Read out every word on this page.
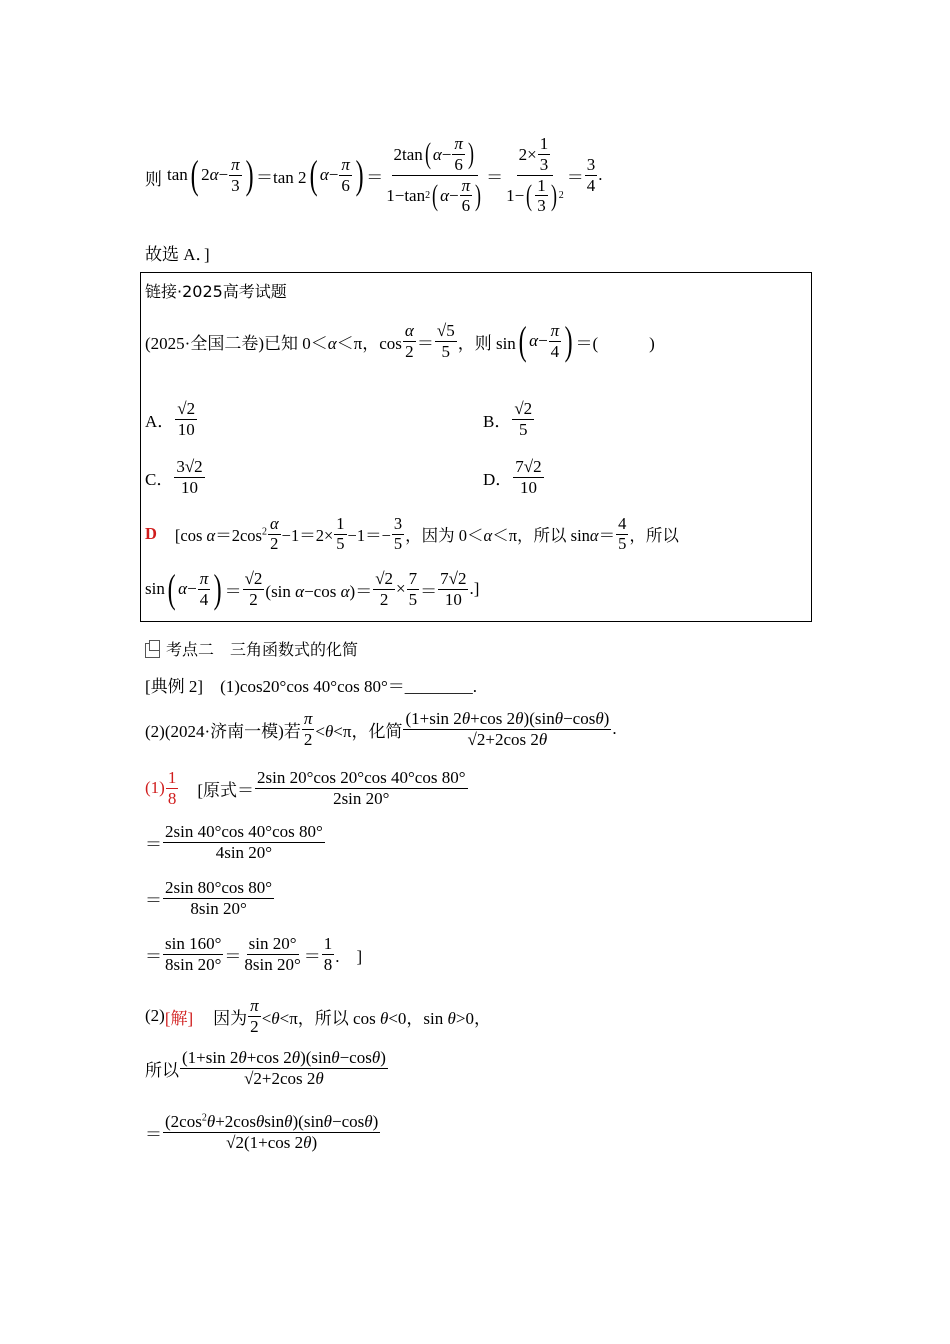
则 tan ( $2\alpha- \frac{\pi}{3}$ ) ＝tan 2 ( $\alpha - \frac{\pi}{6}$ ) ＝ $\frac{2\tan ( \alpha - \frac{\pi}{6} )}{1-\tan 2 ( \alpha - \frac{\pi}{6} )} = \frac{2\times \frac{1}{3}}{1- ( \frac{1}{3} ) 2} = \frac{3}{4}$ .
故选 A．]
链接·2025高考试题
(2025·全国二卷) 已知 0＜α＜π，$\cos \frac{\alpha}{2} = \frac{√5}{5}$ ，则 sin ( $\alpha - \frac{\pi}{4}$ ) ＝(　　　)
A． $\frac{√2}{10}$	B． $\frac{√2}{5}$
C． $\frac{3√2}{10}$	D． $\frac{7√2}{10}$
D [cos $\alpha=2\cos^2 \frac{\alpha}{2} -1=2\times \frac{1}{5} -1=- \frac{3}{5}$ ，因为 0＜α＜π，所以 $\sin\alpha= \frac{4}{5}$ ，所以
sin ( $\alpha - \frac{\pi}{4}$ ) ＝ $\frac{√2}{2} (\sin$ α−cos $\alpha)= \frac{√2}{2} \times \frac{7}{5} = \frac{7√2}{10}$ .]
考点二　三角函数式的化简
[典例 2]　 (1)cos20°cos 40°cos 80°＝________.
(2)(2024·济南一模) 若 $\frac{\pi}{2} <\theta<\pi$，化简 $\frac{(1+\sin 2\theta+\cos 2\theta)(\sin\theta-\cos\theta)}{√2+2\cos 2\theta}$ .
$(1) \frac{1}{8}$ [原式＝ $\frac{2\sin 20^\circ\cos 20^\circ\cos 40^\circ\cos 80^\circ}{2\sin 20^\circ}$
＝ $\frac{2\sin 40^\circ\cos 40^\circ\cos 80^\circ}{4\sin 20^\circ}$
＝ $\frac{2\sin 80^\circ\cos 80^\circ}{8\sin 20^\circ}$
＝ $\frac{\sin 160^\circ}{8\sin 20^\circ} = \frac{\sin 20^\circ}{8\sin 20^\circ} = \frac{1}{8}$ .　]
(2) [解] 因为 $\frac{\pi}{2} <\theta<\pi$，所以 cos θ<0，sin θ>0，
所以 $\frac{(1+\sin 2\theta+\cos 2\theta)(\sin\theta-\cos\theta)}{√2+2\cos 2\theta}$
＝ $\frac{(2\cos^2\theta+2\cos\theta\sin\theta)(\sin\theta-\cos\theta)}{√2(1+\cos 2\theta)}$
